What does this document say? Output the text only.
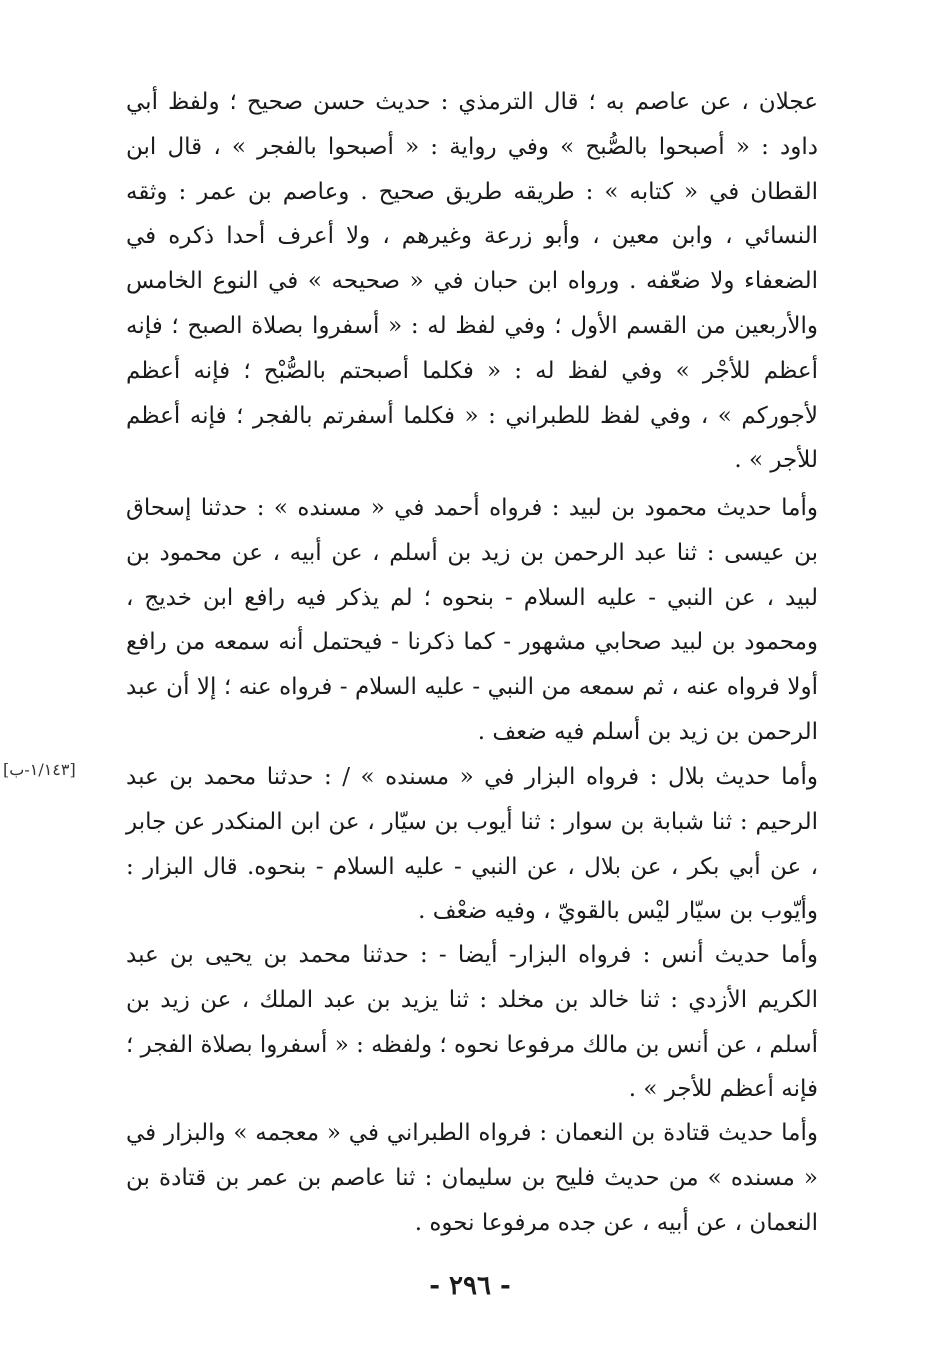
عجلان ، عن عاصم به ؛ قال الترمذي : حديث حسن صحيح ؛ ولفظ أبي داود : « أصبحوا بالصُّبح » وفي رواية : « أصبحوا بالفجر » ، قال ابن القطان في « كتابه » : طريقه طريق صحيح . وعاصم بن عمر : وثقه النسائي ، وابن معين ، وأبو زرعة وغيرهم ، ولا أعرف أحدا ذكره في الضعفاء ولا ضعّفه . ورواه ابن حبان في « صحيحه » في النوع الخامس والأربعين من القسم الأول ؛ وفي لفظ له : « أسفروا بصلاة الصبح ؛ فإنه أعظم للأجْر » وفي لفظ له : « فكلما أصبحتم بالصُّبْح ؛ فإنه أعظم لأجوركم » ، وفي لفظ للطبراني : « فكلما أسفرتم بالفجر ؛ فإنه أعظم للأجر » .

وأما حديث محمود بن لبيد : فرواه أحمد في « مسنده » : حدثنا إسحاق بن عيسى : ثنا عبد الرحمن بن زيد بن أسلم ، عن أبيه ، عن محمود بن لبيد ، عن النبي - عليه السلام - بنحوه ؛ لم يذكر فيه رافع ابن خديج ، ومحمود بن لبيد صحابي مشهور - كما ذكرنا - فيحتمل أنه سمعه من رافع أولا فرواه عنه ، ثم سمعه من النبي - عليه السلام - فرواه عنه ؛ إلا أن عبد الرحمن بن زيد بن أسلم فيه ضعف .

[١/١٤٣-ب]	وأما حديث بلال : فرواه البزار في « مسنده » / : حدثنا محمد بن عبد الرحيم : ثنا شبابة بن سوار : ثنا أيوب بن سيّار ، عن ابن المنكدر عن جابر ، عن أبي بكر ، عن بلال ، عن النبي - عليه السلام - بنحوه. قال البزار : وأيّوب بن سيّار ليْس بالقويّ ، وفيه ضعْف .

وأما حديث أنس : فرواه البزار- أيضا - : حدثنا محمد بن يحيى بن عبد الكريم الأزدي : ثنا خالد بن مخلد : ثنا يزيد بن عبد الملك ، عن زيد بن أسلم ، عن أنس بن مالك مرفوعا نحوه ؛ ولفظه : « أسفروا بصلاة الفجر ؛ فإنه أعظم للأجر » .

وأما حديث قتادة بن النعمان : فرواه الطبراني في « معجمه » والبزار في « مسنده » من حديث فليح بن سليمان : ثنا عاصم بن عمر بن قتادة بن النعمان ، عن أبيه ، عن جده مرفوعا نحوه .

- ٢٩٦ -
